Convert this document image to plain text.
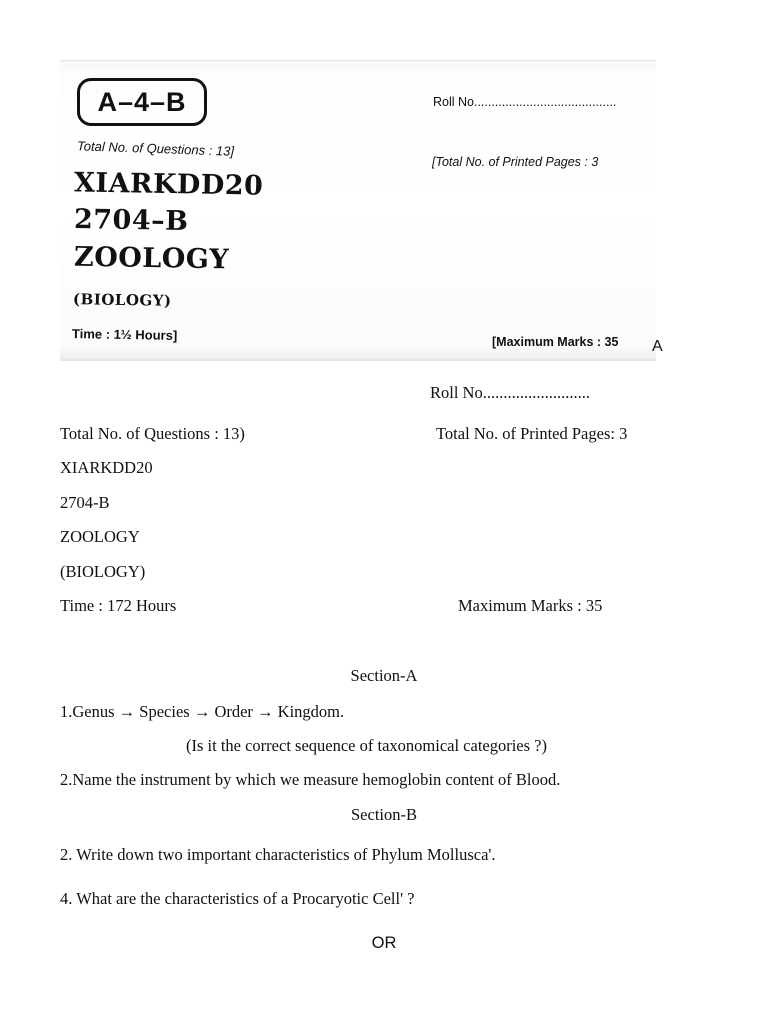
A–4–B	Roll No.........................................
Total No. of Questions : 13]
[Total No. of Printed Pages : 3
XIARKDD20
2704–B
ZOOLOGY
(BIOLOGY)
Time : 1½ Hours]	[Maximum Marks : 35 A
Roll No..........................
Total No. of Questions : 13)	Total No. of Printed Pages: 3
XIARKDD20
2704-B
ZOOLOGY
(BIOLOGY)
Time : 172 Hours	Maximum Marks : 35
Section-A
1.Genus → Species → Order → Kingdom.
(Is it the correct sequence of taxonomical categories ?)
2.Name the instrument by which we measure hemoglobin content of Blood.
Section-B
2. Write down two important characteristics of Phylum Mollusca'.
4. What are the characteristics of a Procaryotic Cell' ?
OR
